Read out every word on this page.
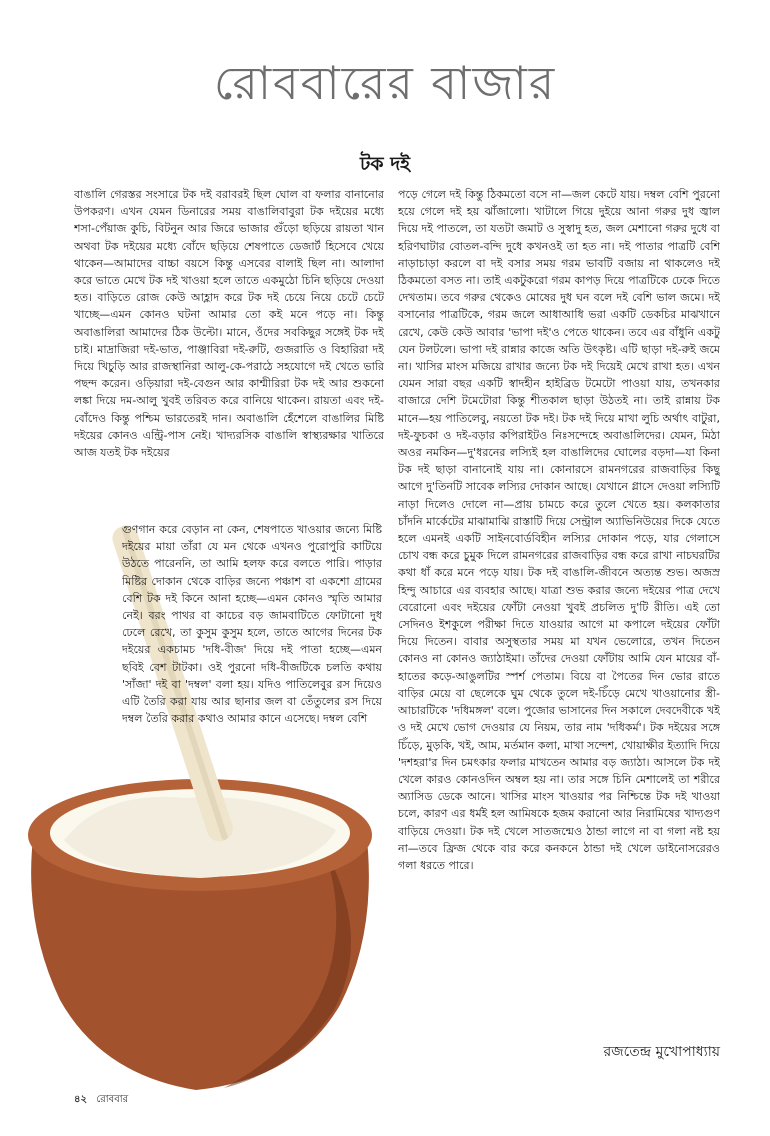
রোববারের বাজার
টক দই

বাঙালি গেরস্তর সংসারে টক দই বরাবরই ছিল ঘোল বা ফলার বানানোর উপকরণ। এখন যেমন ডিনারের সময় বাঙালিবাবুরা টক দইয়ের মধ্যে শসা-পেঁয়াজ কুচি, বিটনুন আর জিরে ভাজার গুঁড়ো ছড়িয়ে রায়তা খান অথবা টক দইয়ের মধ্যে বোঁদে ছড়িয়ে শেষপাতে ডেজার্ট হিসেবে খেয়ে থাকেন—আমাদের বাচ্চা বয়সে কিন্তু এসবের বালাই ছিল না। আলাদা করে ভাতে মেখে টক দই খাওয়া হলে তাতে একমুঠো চিনি ছড়িয়ে দেওয়া হত। বাড়িতে রোজ কেউ আহ্লাদ করে টক দই চেয়ে নিয়ে চেটে চেটে খাচ্ছে—এমন কোনও ঘটনা আমার তো কই মনে পড়ে না। কিন্তু অবাঙালিরা আমাদের ঠিক উল্টো। মানে, ওঁদের সবকিছুর সঙ্গেই টক দই চাই। মাদ্রাজিরা দই-ভাত, পাঞ্জাবিরা দই-রুটি, গুজরাতি ও বিহারিরা দই দিয়ে খিচুড়ি আর রাজস্থানিরা আলু-কে-পরাঠে সহযোগে দই খেতে ভারি পছন্দ করেন। ওড়িয়ারা দই-বেগুন আর কাশ্মীরিরা টক দই আর শুকনো লঙ্কা দিয়ে দম-আলু খুবই তরিবত করে বানিয়ে থাকেন। রায়তা এবং দই-বোঁদেও কিন্তু পশ্চিম ভারতেরই দান। অবাঙালি হেঁশেলে বাঙালির মিষ্টি দইয়ের কোনও এন্ট্রি-পাস নেই। খাদ্যরসিক বাঙালি স্বাস্থ্যরক্ষার খাতিরে আজ যতই টক দইয়ের

গুণগান করে বেড়ান না কেন, শেষপাতে খাওয়ার জন্যে মিষ্টি দইয়ের মায়া তাঁরা যে মন থেকে এখনও পুরোপুরি কাটিয়ে উঠতে পারেননি, তা আমি হলফ করে বলতে পারি। পাড়ার মিষ্টির দোকান থেকে বাড়ির জন্যে পঞ্চাশ বা একশো গ্রামের বেশি টক দই কিনে আনা হচ্ছে—এমন কোনও স্মৃতি আমার নেই। বরং পাথর বা কাচের বড় জামবাটিতে ফোটানো দুধ ঢেলে রেখে, তা কুসুম কুসুম হলে, তাতে আগের দিনের টক দইয়ের একচামচ 'দধি-বীজ' দিয়ে দই পাতা হচ্ছে—এমন ছবিই বেশ টাটকা। ওই পুরনো দধি-বীজটিকে চলতি কথায় 'সাঁজা' দই বা 'দম্বল' বলা হয়। যদিও পাতিলেবুর রস দিয়েও এটি তৈরি করা যায় আর ছানার জল বা তেঁতুলের রস দিয়ে দম্বল তৈরি করার কথাও আমার কানে এসেছে। দম্বল বেশি

পড়ে গেলে দই কিন্তু ঠিকমতো বসে না—জল কেটে যায়। দম্বল বেশি পুরনো হয়ে গেলে দই হয় ঝাঁজালো। খাটালে গিয়ে দুইয়ে আনা গরুর দুধ জ্বাল দিয়ে দই পাতলে, তা যতটা জমাট ও সুস্বাদু হত, জল মেশানো গরুর দুধে বা হরিণঘাটার বোতল-বন্দি দুধে কখনওই তা হত না। দই পাতার পাত্রটি বেশি নাড়াচাড়া করলে বা দই বসার সময় গরম ভাবটি বজায় না থাকলেও দই ঠিকমতো বসত না। তাই একটুকরো গরম কাপড় দিয়ে পাত্রটিকে ঢেকে দিতে দেখতাম। তবে গরুর থেকেও মোষের দুধ ঘন বলে দই বেশি ভাল জমে। দই বসানোর পাত্রটিকে, গরম জলে আধাআধি ভরা একটি ডেকচির মাঝখানে রেখে, কেউ কেউ আবার 'ভাপা দই'ও পেতে থাকেন। তবে এর বাঁধুনি একটু যেন টলটলে। ভাপা দই রান্নার কাজে অতি উৎকৃষ্ট। এটি ছাড়া দই-রুই জমে না। খাসির মাংস মজিয়ে রাখার জন্যে টক দই দিয়েই মেখে রাখা হত। এখন যেমন সারা বছর একটি স্বাদহীন হাইব্রিড টমেটো পাওয়া যায়, তখনকার বাজারে দেশি টমেটোরা কিন্তু শীতকাল ছাড়া উঠতই না। তাই রান্নায় টক মানে—হয় পাতিলেবু, নয়তো টক দই। টক দই দিয়ে মাখা লুচি অর্থাৎ বাটুরা, দই-ফুচকা ও দই-বড়ার কপিরাইটও নিঃসন্দেহে অবাঙালিদের। যেমন, মিঠা অওর নমকিন—দু'ধরনের লস্যিই হল বাঙালিদের ঘোলের বড়দা—যা কিনা টক দই ছাড়া বানানোই যায় না। কোনারসে রামনগরের রাজবাড়ির কিছু আগে দু'তিনটি সাবেক লস্যির দোকান আছে। যেখানে গ্লাসে দেওয়া লস্যিটি নাড়া দিলেও দোলে না—প্রায় চামচে করে তুলে খেতে হয়। কলকাতার চাঁদনি মার্কেটের মাঝামাঝি রাস্তাটি দিয়ে সেন্ট্রাল অ্যাভিনিউয়ের দিকে যেতে হলে এমনই একটি সাইনবোর্ডবিহীন লস্যির দোকান পড়ে, যার গেলাসে চোখ বন্ধ করে চুমুক দিলে রামনগরের রাজবাড়ির বন্ধ করে রাখা নাচঘরটির কথা ধাঁ করে মনে পড়ে যায়। টক দই বাঙালি-জীবনে অত্যন্ত শুভ। অজস্র হিন্দু আচারে এর ব্যবহার আছে। যাত্রা শুভ করার জন্যে দইয়ের পাত্র দেখে বেরোনো এবং দইয়ের ফোঁটা নেওয়া খুবই প্রচলিত দু'টি রীতি। এই তো সেদিনও ইশকুলে পরীক্ষা দিতে যাওয়ার আগে মা কপালে দইয়ের ফোঁটা দিয়ে দিতেন। বাবার অসুস্থতার সময় মা যখন ভেলোরে, তখন দিতেন কোনও না কোনও জ্যাঠাইমা। তাঁদের দেওয়া ফোঁটায় আমি যেন মায়ের বাঁ-হাতের কড়ে-আঙুলটির স্পর্শ পেতাম। বিয়ে বা পৈতের দিন ভোর রাতে বাড়ির মেয়ে বা ছেলেকে ঘুম থেকে তুলে দই-চিঁড়ে মেখে খাওয়ানোর স্ত্রী-আচারটিকে 'দধিমঙ্গল' বলে। পুজোর ভাসানের দিন সকালে দেবদেবীকে খই ও দই মেখে ভোগ দেওয়ার যে নিয়ম, তার নাম 'দধিকর্ম'। টক দইয়ের সঙ্গে চিঁড়ে, মুড়কি, খই, আম, মর্তমান কলা, মাখা সন্দেশ, খোয়াক্ষীর ইত্যাদি দিয়ে 'দশহরা'র দিন চমৎকার ফলার মাখতেন আমার বড় জ্যাঠা। আসলে টক দই খেলে কারও কোনওদিন অম্বল হয় না। তার সঙ্গে চিনি মেশালেই তা শরীরে অ্যাসিড ডেকে আনে। খাসির মাংস খাওয়ার পর নিশ্চিন্তে টক দই খাওয়া চলে, কারণ এর ধর্মই হল আমিষকে হজম করানো আর নিরামিষের খাদ্যগুণ বাড়িয়ে দেওয়া। টক দই খেলে সাতজন্মেও ঠান্ডা লাগে না বা গলা নষ্ট হয় না—তবে ফ্রিজ থেকে বার করে কনকনে ঠান্ডা দই খেলে ডাইনোসরেরও গলা ধরতে পারে।

রজতেন্দ্র মুখোপাধ্যায়
৪২ রোববার
